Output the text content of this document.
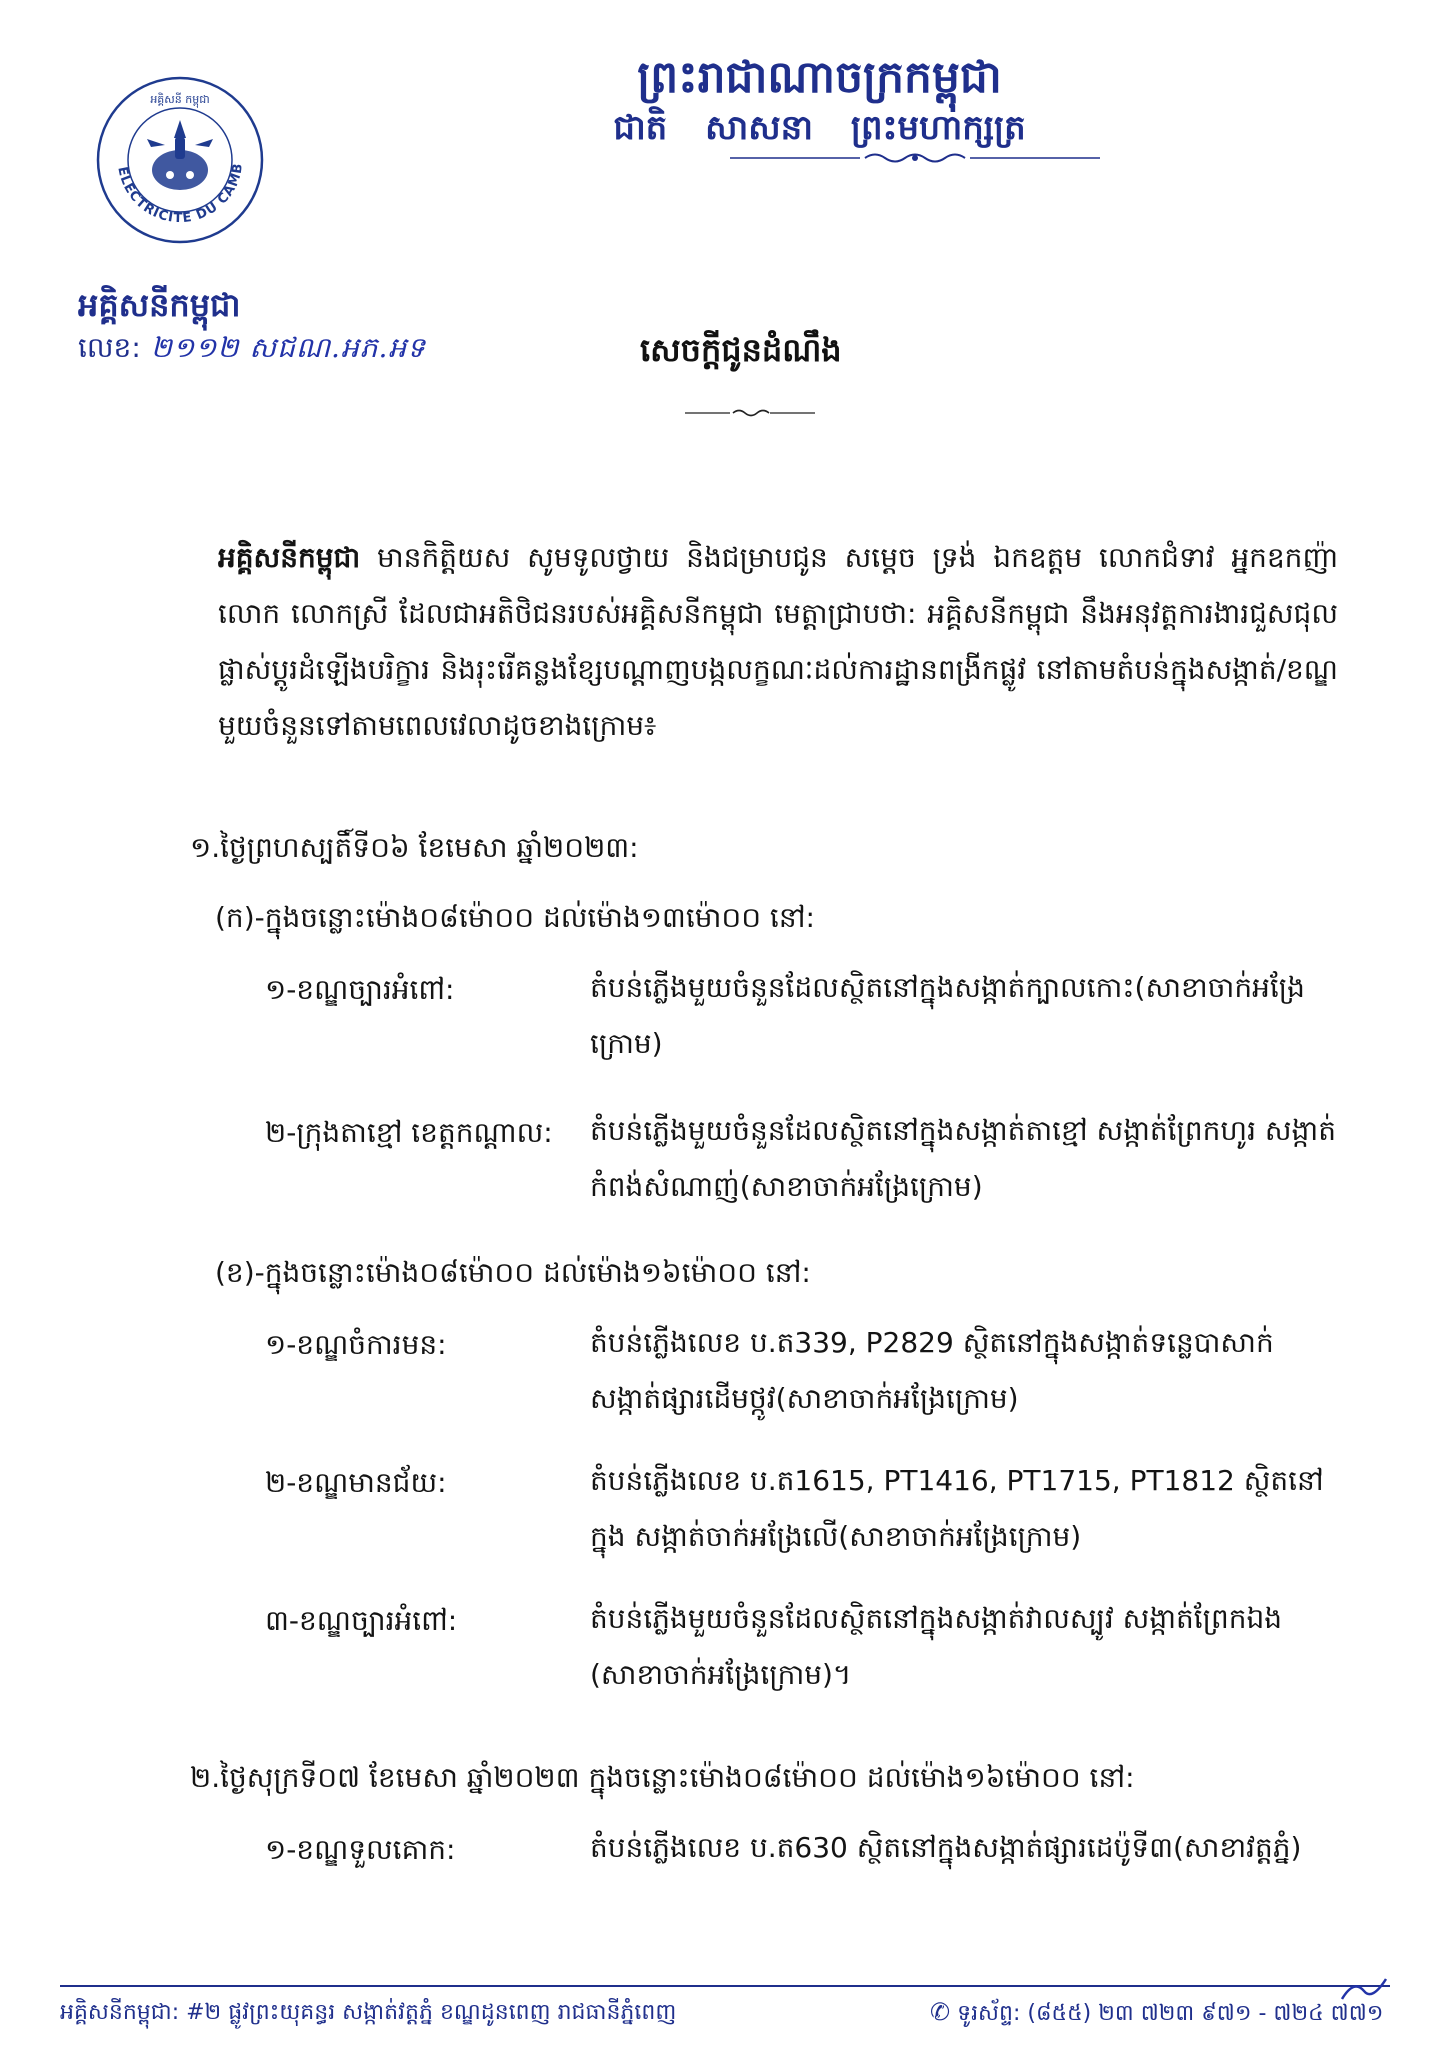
ព្រះរាជាណាចក្រកម្ពុជា
ជាតិ សាសនា ព្រះមហាក្សត្រ
ELECTRICITE DU CAMB
អគ្គិសនី កម្ពុជា
អគ្គិសនីកម្ពុជា
លេខ: ២១១២ សជណ.អភ.អទ	សេចក្តីជូនដំណឹង
អគ្គិសនីកម្ពុជា មានកិត្តិយស សូមទូលថ្វាយ និងជម្រាបជូន សម្តេច ទ្រង់ ឯកឧត្តម លោកជំទាវ អ្នកឧកញ៉ា លោក លោកស្រី ដែលជាអតិថិជនរបស់អគ្គិសនីកម្ពុជា មេត្តាជ្រាបថា: អគ្គិសនីកម្ពុជា នឹងអនុវត្តការងារជួសជុល ផ្លាស់ប្តូរដំឡើងបរិក្ខារ និងរុះរើគន្លងខ្សែបណ្តាញបង្កលក្ខណៈដល់ការដ្ឋានពង្រីកផ្លូវ នៅតាមតំបន់ក្នុងសង្កាត់/ខណ្ឌមួយចំនួនទៅតាមពេលវេលាដូចខាងក្រោម៖
១.ថ្ងៃព្រហស្បតិ៍ទី០៦ ខែមេសា ឆ្នាំ២០២៣:
(ក)-ក្នុងចន្លោះម៉ោង០៨ម៉ោ០០ ដល់ម៉ោង១៣ម៉ោ០០ នៅ:
១-ខណ្ឌច្បារអំពៅ:	តំបន់ភ្លើងមួយចំនួនដែលស្ថិតនៅក្នុងសង្កាត់ក្បាលកោះ(សាខាចាក់អង្រែក្រោម)
២-ក្រុងតាខ្មៅ ខេត្តកណ្តាល: តំបន់ភ្លើងមួយចំនួនដែលស្ថិតនៅក្នុងសង្កាត់តាខ្មៅ សង្កាត់ព្រែកហូរ សង្កាត់កំពង់សំណាញ់(សាខាចាក់អង្រែក្រោម)
(ខ)-ក្នុងចន្លោះម៉ោង០៨ម៉ោ០០ ដល់ម៉ោង១៦ម៉ោ០០ នៅ:
១-ខណ្ឌចំការមន:	តំបន់ភ្លើងលេខ ប.ត339, P2829 ស្ថិតនៅក្នុងសង្កាត់ទន្លេបាសាក់ សង្កាត់ផ្សារដើមថ្កូវ(សាខាចាក់អង្រែក្រោម)
២-ខណ្ឌមានជ័យ:	តំបន់ភ្លើងលេខ ប.ត1615, PT1416, PT1715, PT1812 ស្ថិតនៅក្នុង សង្កាត់ចាក់អង្រែលើ(សាខាចាក់អង្រែក្រោម)
៣-ខណ្ឌច្បារអំពៅ:	តំបន់ភ្លើងមួយចំនួនដែលស្ថិតនៅក្នុងសង្កាត់វាលស្បូវ សង្កាត់ព្រែកឯង (សាខាចាក់អង្រែក្រោម)។
២.ថ្ងៃសុក្រទី០៧ ខែមេសា ឆ្នាំ២០២៣ ក្នុងចន្លោះម៉ោង០៨ម៉ោ០០ ដល់ម៉ោង១៦ម៉ោ០០ នៅ:
១-ខណ្ឌទួលគោក:	តំបន់ភ្លើងលេខ ប.ត630 ស្ថិតនៅក្នុងសង្កាត់ផ្សារដេប៉ូទី៣(សាខាវត្តភ្នំ)
អគ្គិសនីកម្ពុជា: #២ ផ្លូវព្រះយុគន្ធរ សង្កាត់វត្តភ្នំ ខណ្ឌដូនពេញ រាជធានីភ្នំពេញ	✆ ទូរស័ព្ទ: (៨៥៥) ២៣ ៧២៣ ៩៧១ - ៧២៤ ៧៧១
